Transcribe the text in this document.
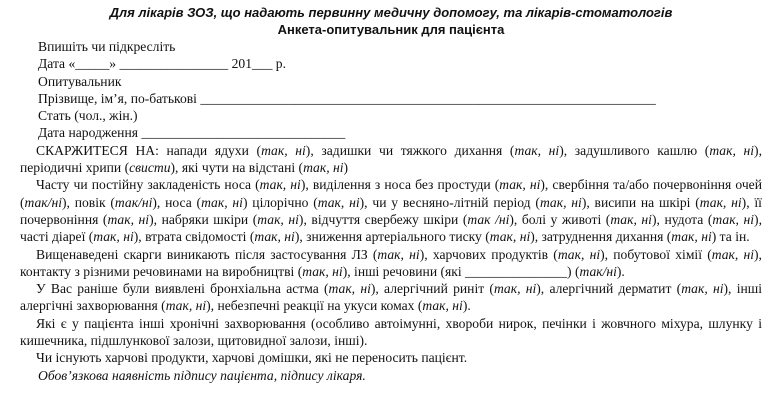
Для лікарів ЗОЗ, що надають первинну медичну допомогу, та лікарів-стоматологів
Анкета-опитувальник для пацієнта
Впишіть чи підкресліть
Дата «_____» ________________ 201___ р.
Опитувальник
Прізвище, ім’я, по-батькові ___________________________________________________________________
Стать (чол., жін.)
Дата народження ______________________________

СКАРЖИТЕСЯ НА: напади ядухи (так, ні), задишки чи тяжкого дихання (так, ні), задушливого кашлю (так, ні), періодичні хрипи (свисти), які чути на відстані (так, ні)

Часту чи постійну закладеність носа (так, ні), виділення з носа без простуди (так, ні), свербіння та/або почервоніння очей (так/ні), повік (так/ні), носа (так, ні) цілорічно (так, ні), чи у весняно-літній період (так, ні), висипи на шкірі (так, ні), її почервоніння (так, ні), набряки шкіри (так, ні), відчуття свербежу шкіри (так /ні), болі у животі (так, ні), нудота (так, ні), часті діареї (так, ні), втрата свідомості (так, ні), зниження артеріального тиску (так, ні), затруднення дихання (так, ні) та ін.

Вищенаведені скарги виникають після застосування ЛЗ (так, ні), харчових продуктів (так, ні), побутової хімії (так, ні), контакту з різними речовинами на виробництві (так, ні), інші речовини (які _______________) (так/ні).

У Вас раніше були виявлені бронхіальна астма (так, ні), алергічний риніт (так, ні), алергічний дерматит (так, ні), інші алергічні захворювання (так, ні), небезпечні реакції на укуси комах (так, ні).

Які є у пацієнта інші хронічні захворювання (особливо автоімунні, хвороби нирок, печінки і жовчного міхура, шлунку і кишечника, підшлункової залози, щитовидної залози, інші).

Чи існують харчові продукти, харчові домішки, які не переносить пацієнт.

Обов’язкова наявність підпису пацієнта, підпису лікаря.
